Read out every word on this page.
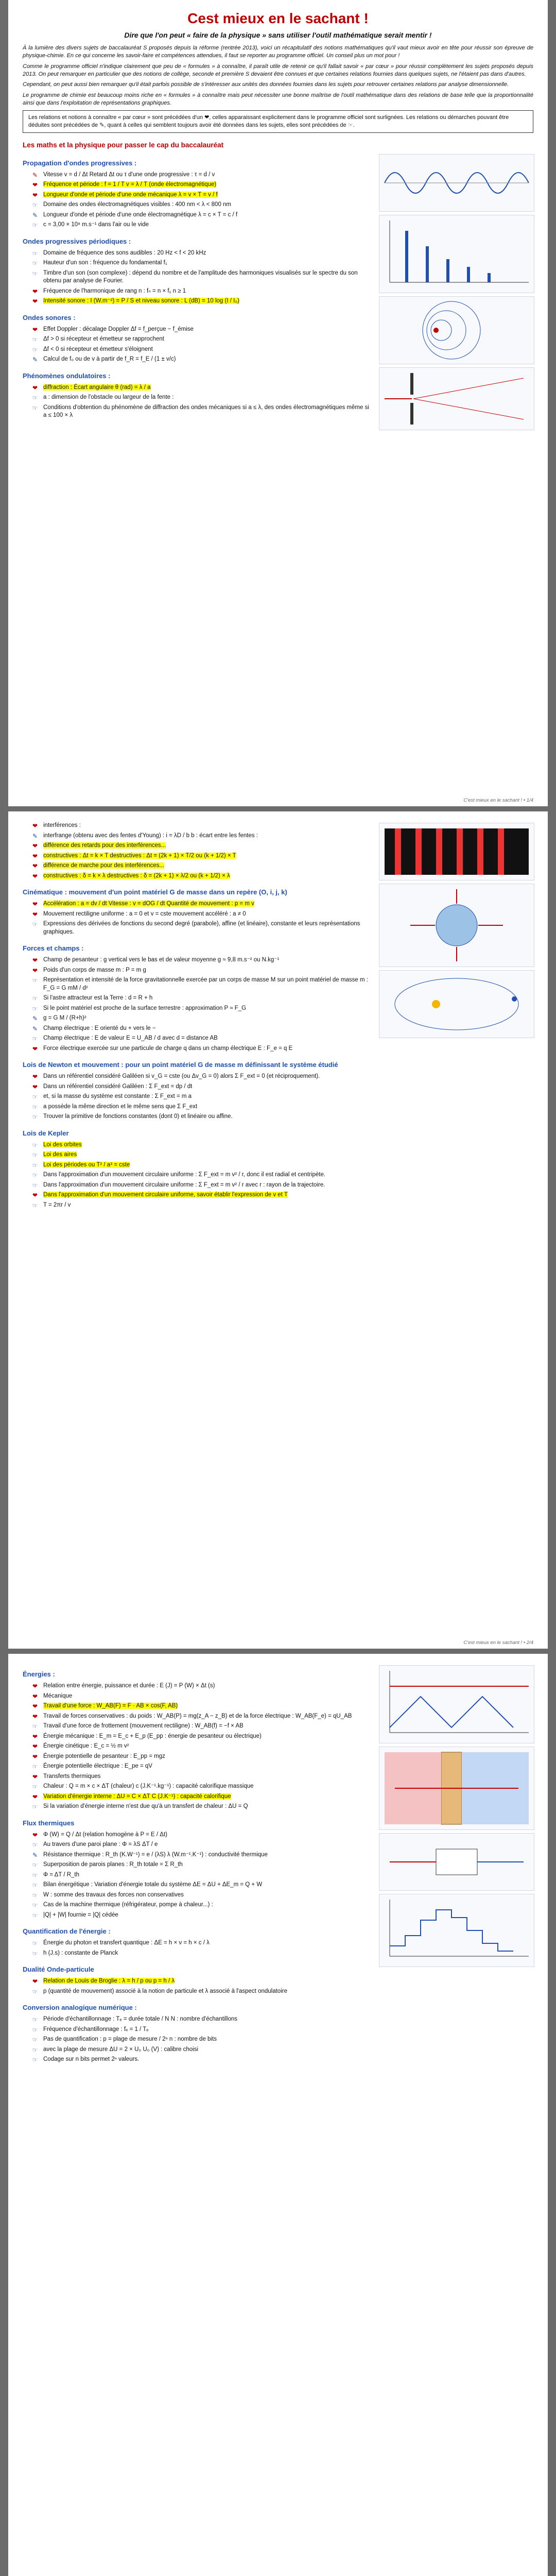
Cest mieux en le sachant !
Dire que l'on peut « faire de la physique » sans utiliser l'outil mathématique serait mentir !

À la lumière des divers sujets de baccalauréat S proposés depuis la réforme (rentrée 2013), voici un récapitulatif des notions mathématiques qu'il vaut mieux avoir en tête pour réussir son épreuve de physique-chimie. En ce qui concerne les savoir-faire et compétences attendues, il faut se reporter au programme officiel. Un conseil plus un mot pour !

Comme le programme officiel n'indique clairement que peu de « formules » à connaître, il paraît utile de retenir ce qu'il fallait savoir « par cœur » pour réussir complètement les sujets proposés depuis 2013. On peut remarquer en particulier que des notions de collège, seconde et première S devaient être connues et que certaines relations fournies dans quelques sujets, ne l'étaient pas dans d'autres.

Cependant, on peut aussi bien remarquer qu'il était parfois possible de s'intéresser aux unités des données fournies dans les sujets pour retrouver certaines relations par analyse dimensionnelle.

Le programme de chimie est beaucoup moins riche en « formules » à connaître mais peut nécessiter une bonne maîtrise de l'outil mathématique dans des relations de base telle que la proportionnalité ainsi que dans l'exploitation de représentations graphiques.

Les relations et notions à connaître « par cœur » sont précédées d'un ❤, celles apparaissant explicitement dans le programme officiel sont surlignées. Les relations ou démarches pouvant être déduites sont précédées de ✎, quant à celles qui semblent toujours avoir été données dans les sujets, elles sont précédées de ☞.
Les maths et la physique pour passer le cap du baccalauréat
Propagation d'ondes progressives :
✎ Vitesse v = d / Δt Retard Δt ou τ d'une onde progressive : τ = d / v
❤ Fréquence et période : f = 1 / T v = λ / T (onde électromagnétique)
❤ Longueur d'onde et période d'une onde mécanique λ = v × T = v / f
☞ Domaine des ondes électromagnétiques visibles : 400 nm < λ < 800 nm
✎ Longueur d'onde et période d'une onde électromagnétique λ = c × T = c / f
☞ c = 3,00 × 10⁸ m.s⁻¹ dans l'air ou le vide
Ondes progressives périodiques :
☞ Domaine de fréquence des sons audibles : 20 Hz < f < 20 kHz
☞ Hauteur d'un son : fréquence du fondamental f₁
☞ Timbre d'un son (son complexe) : dépend du nombre et de l'amplitude des harmoniques visualisés sur le spectre du son obtenu par analyse de Fourier.
❤ Fréquence de l'harmonique de rang n : fₙ = n × f₁ n ≥ 1
❤ Intensité sonore : I (W.m⁻²) = P / S et niveau sonore : L (dB) = 10 log (I / I₀)
Ondes sonores :
❤ Effet Doppler : décalage Doppler Δf = f_perçue − f_émise
☞ Δf > 0 si récepteur et émetteur se rapprochent
☞ Δf < 0 si récepteur et émetteur s'éloignent
✎ Calcul de f₀ ou de v à partir de f_R = f_E / (1 ± v/c)
Phénomènes ondulatoires :
❤ diffraction : Écart angulaire θ (rad) = λ / a
☞ a : dimension de l'obstacle ou largeur de la fente :
☞ Conditions d'obtention du phénomène de diffraction des ondes mécaniques si a ≤ λ, des ondes électromagnétiques même si a ≤ 100 × λ
C'est mieux en le sachant ! • 1/4
❤ interférences :
✎ interfrange (obtenu avec des fentes d'Young) : i = λD / b b : écart entre les fentes :
❤ différence des retards pour des interférences...
❤ constructives : Δt = k × T destructives : Δt = (2k + 1) × T/2 ou (k + 1/2) × T
❤ différence de marche pour des interférences...
❤ constructives : δ = k × λ destructives : δ = (2k + 1) × λ/2 ou (k + 1/2) × λ
Cinématique : mouvement d'un point matériel G de masse dans un repère (O, i, j, k)
❤ Accélération : a = dv / dt Vitesse : v = dOG / dt Quantité de mouvement : p = m v
❤ Mouvement rectiligne uniforme : a = 0 et v = cste mouvement accéléré : a ≠ 0
☞ Expressions des dérivées de fonctions du second degré (parabole), affine (et linéaire), constante et leurs représentations graphiques.
Forces et champs :
❤ Champ de pesanteur : g vertical vers le bas et de valeur moyenne g ≈ 9,8 m.s⁻² ou N.kg⁻¹
❤ Poids d'un corps de masse m : P = m g
☞ Représentation et intensité de la force gravitationnelle exercée par un corps de masse M sur un point matériel de masse m : F_G = G mM / d²
☞ Si l'astre attracteur est la Terre : d = R + h
☞ Si le point matériel est proche de la surface terrestre : approximation P ≈ F_G
✎ g = G M / (R+h)²
✎ Champ électrique : E orienté du + vers le −
☞ Champ électrique : E de valeur E = U_AB / d avec d = distance AB
❤ Force électrique exercée sur une particule de charge q dans un champ électrique E : F_e = q E
Lois de Newton et mouvement : pour un point matériel G de masse m définissant le système étudié
❤ Dans un référentiel considéré Galiléen si v_G = cste (ou Δv_G = 0) alors Σ F_ext = 0 (et réciproquement).
❤ Dans un référentiel considéré Galiléen : Σ F_ext = dp / dt
☞ et, si la masse du système est constante : Σ F_ext = m a
☞ a possède la même direction et le même sens que Σ F_ext
☞ Trouver la primitive de fonctions constantes (dont 0) et linéaire ou affine.
Lois de Kepler
☞ Loi des orbites
☞ Loi des aires
☞ Loi des périodes ou T² / a³ = cste
☞ Dans l'approximation d'un mouvement circulaire uniforme : Σ F_ext = m v² / r, donc il est radial et centripète.
☞ Dans l'approximation d'un mouvement circulaire uniforme : Σ F_ext = m v² / r avec r : rayon de la trajectoire.
❤ Dans l'approximation d'un mouvement circulaire uniforme, savoir établir l'expression de v et T
☞ T = 2πr / v
C'est mieux en le sachant ! • 2/4
Énergies :
❤ Relation entre énergie, puissance et durée : E (J) = P (W) × Δt (s)
❤ Mécanique
❤ Travail d'une force : W_AB(F) = F · AB × cos(F, AB)
❤ Travail de forces conservatives : du poids : W_AB(P) = mg(z_A − z_B) et de la force électrique : W_AB(F_e) = qU_AB
☞ Travail d'une force de frottement (mouvement rectiligne) : W_AB(f) = −f × AB
❤ Énergie mécanique : E_m = E_c + E_p (E_pp : énergie de pesanteur ou électrique)
❤ Énergie cinétique : E_c = ½ m v²
❤ Énergie potentielle de pesanteur : E_pp = mgz
☞ Énergie potentielle électrique : E_pe = qV
❤ Transferts thermiques
☞ Chaleur : Q = m × c × ΔT (chaleur) c (J.K⁻¹.kg⁻¹) : capacité calorifique massique
❤ Variation d'énergie interne : ΔU = C × ΔT C (J.K⁻¹) : capacité calorifique
☞ Si la variation d'énergie interne n'est due qu'à un transfert de chaleur : ΔU = Q
Flux thermiques
❤ Φ (W) = Q / Δt (relation homogène à P = E / Δt)
☞ Au travers d'une paroi plane : Φ = λS ΔT / e
✎ Résistance thermique : R_th (K.W⁻¹) = e / (λS) λ (W.m⁻¹.K⁻¹) : conductivité thermique
☞ Superposition de parois planes : R_th totale = Σ R_th
☞ Φ = ΔT / R_th
☞ Bilan énergétique : Variation d'énergie totale du système ΔE = ΔU + ΔE_m = Q + W
☞ W : somme des travaux des forces non conservatives
☞ Cas de la machine thermique (réfrigérateur, pompe à chaleur...) :
☞ |Q| + |W| fournie = |Q| cédée
Quantification de l'énergie :
☞ Énergie du photon et transfert quantique : ΔE = h × ν = h × c / λ
☞ h (J.s) : constante de Planck
Dualité Onde-particule
❤ Relation de Louis de Broglie : λ = h / p ou p = h / λ
☞ p (quantité de mouvement) associé à la notion de particule et λ associé à l'aspect ondulatoire
Conversion analogique numérique :
☞ Période d'échantillonnage : Tₑ = durée totale / N N : nombre d'échantillons
☞ Fréquence d'échantillonnage : fₑ = 1 / Tₑ
☞ Pas de quantification : p = plage de mesure / 2ⁿ n : nombre de bits
☞ avec la plage de mesure ΔU = 2 × U₀ U₀ (V) : calibre choisi
☞ Codage sur n bits permet 2ⁿ valeurs.
